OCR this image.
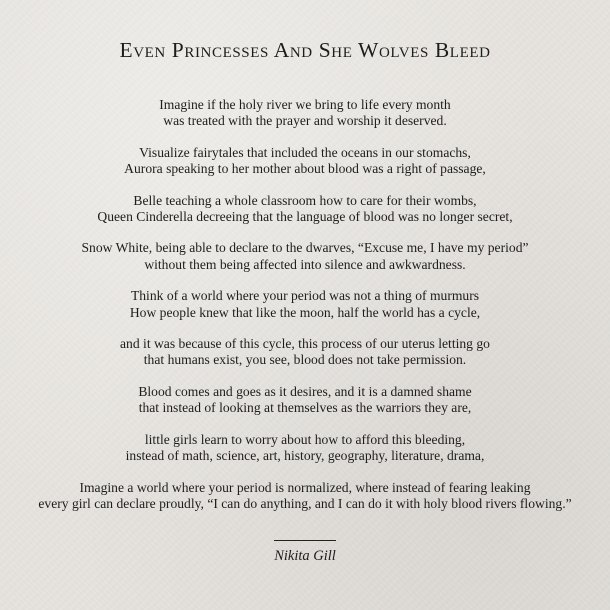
Even Princesses And She Wolves Bleed
Imagine if the holy river we bring to life every month
was treated with the prayer and worship it deserved.
Visualize fairytales that included the oceans in our stomachs,
Aurora speaking to her mother about blood was a right of passage,
Belle teaching a whole classroom how to care for their wombs,
Queen Cinderella decreeing that the language of blood was no longer secret,
Snow White, being able to declare to the dwarves, “Excuse me, I have my period”
without them being affected into silence and awkwardness.
Think of a world where your period was not a thing of murmurs
How people knew that like the moon, half the world has a cycle,
and it was because of this cycle, this process of our uterus letting go
that humans exist, you see, blood does not take permission.
Blood comes and goes as it desires, and it is a damned shame
that instead of looking at themselves as the warriors they are,
little girls learn to worry about how to afford this bleeding,
instead of math, science, art, history, geography, literature, drama,
Imagine a world where your period is normalized, where instead of fearing leaking
every girl can declare proudly, “I can do anything, and I can do it with holy blood rivers flowing.”
Nikita Gill
